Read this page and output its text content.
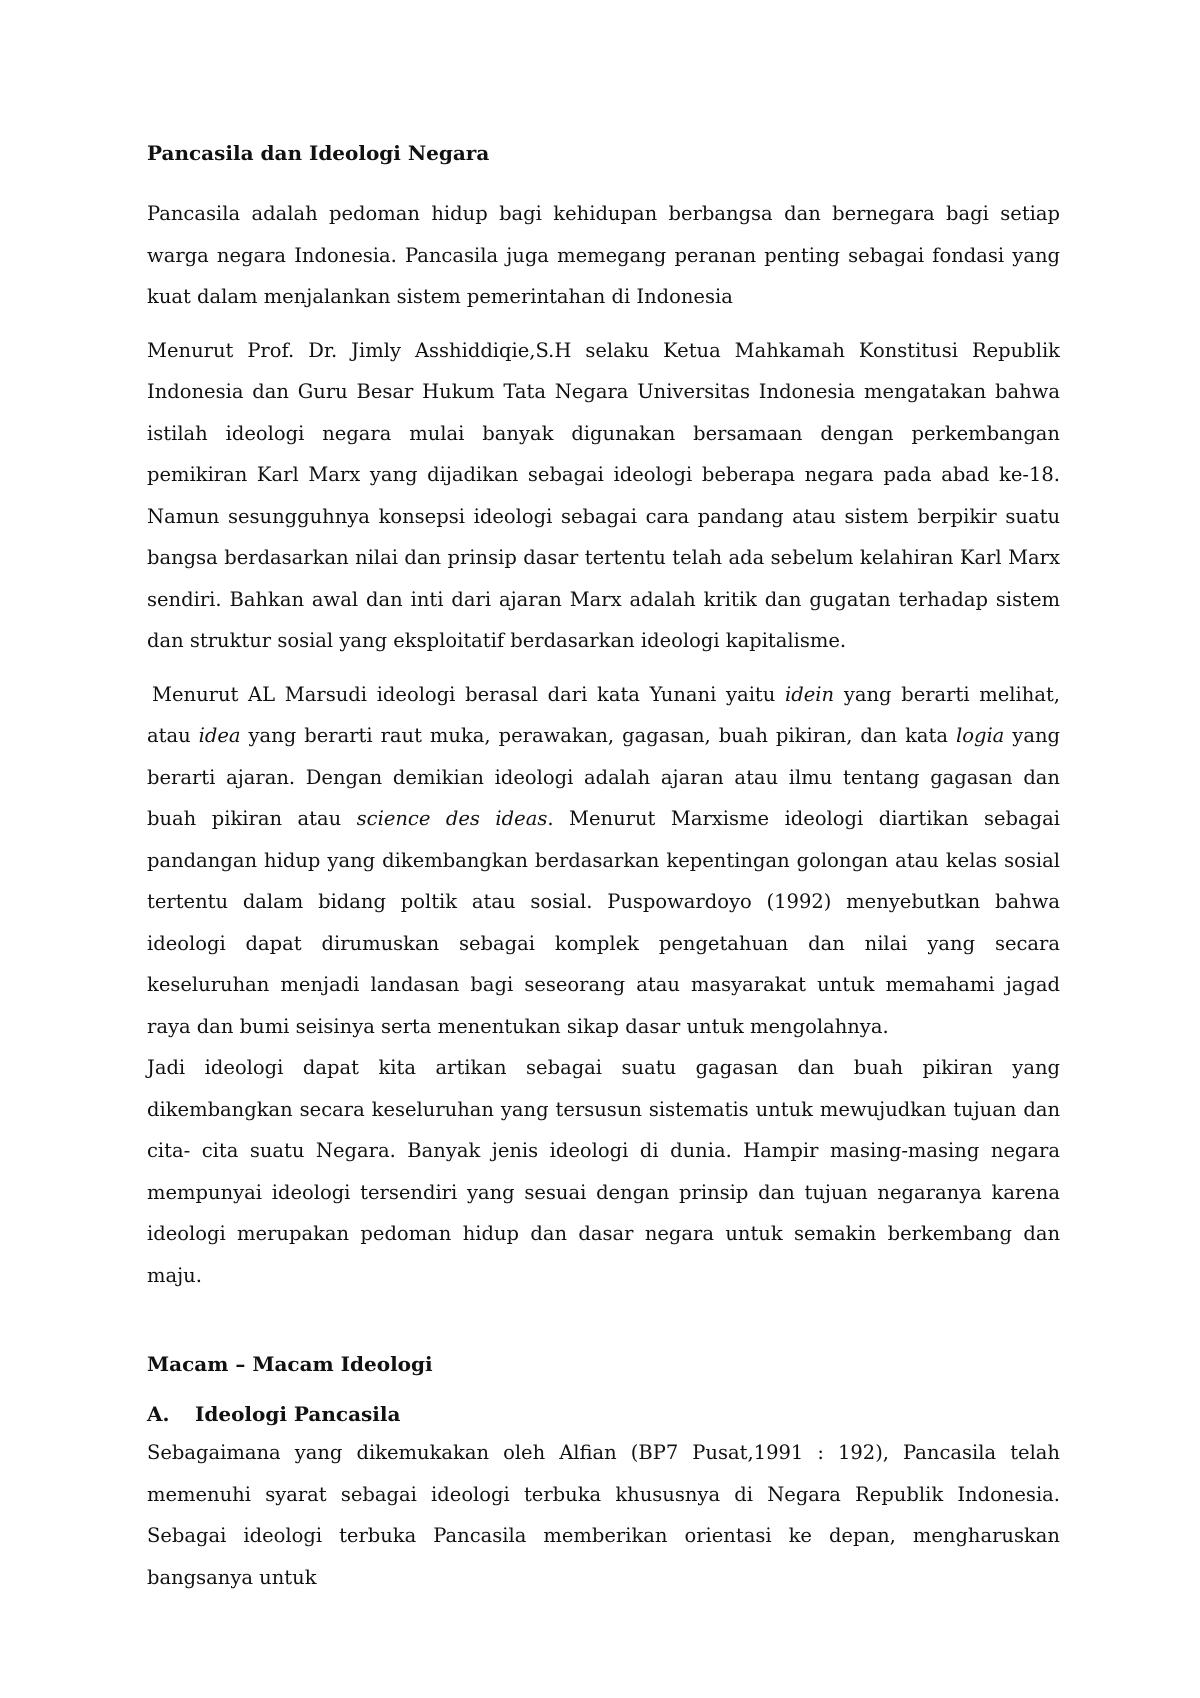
Pancasila dan Ideologi Negara

Pancasila adalah pedoman hidup bagi kehidupan berbangsa dan bernegara bagi setiap warga negara Indonesia. Pancasila juga memegang peranan penting sebagai fondasi yang kuat dalam menjalankan sistem pemerintahan di Indonesia

Menurut Prof. Dr. Jimly Asshiddiqie,S.H selaku Ketua Mahkamah Konstitusi Republik Indonesia dan Guru Besar Hukum Tata Negara Universitas Indonesia mengatakan bahwa istilah ideologi negara mulai banyak digunakan bersamaan dengan perkembangan pemikiran Karl Marx yang dijadikan sebagai ideologi beberapa negara pada abad ke-18. Namun sesungguhnya konsepsi ideologi sebagai cara pandang atau sistem berpikir suatu bangsa berdasarkan nilai dan prinsip dasar tertentu telah ada sebelum kelahiran Karl Marx sendiri. Bahkan awal dan inti dari ajaran Marx adalah kritik dan gugatan terhadap sistem dan struktur sosial yang eksploitatif berdasarkan ideologi kapitalisme.

Menurut AL Marsudi ideologi berasal dari kata Yunani yaitu idein yang berarti melihat, atau idea yang berarti raut muka, perawakan, gagasan, buah pikiran, dan kata logia yang berarti ajaran. Dengan demikian ideologi adalah ajaran atau ilmu tentang gagasan dan buah pikiran atau science des ideas. Menurut Marxisme ideologi diartikan sebagai pandangan hidup yang dikembangkan berdasarkan kepentingan golongan atau kelas sosial tertentu dalam bidang poltik atau sosial. Puspowardoyo (1992) menyebutkan bahwa ideologi dapat dirumuskan sebagai komplek pengetahuan dan nilai yang secara keseluruhan menjadi landasan bagi seseorang atau masyarakat untuk memahami jagad raya dan bumi seisinya serta menentukan sikap dasar untuk mengolahnya.

Jadi ideologi dapat kita artikan sebagai suatu gagasan dan buah pikiran yang dikembangkan secara keseluruhan yang tersusun sistematis untuk mewujudkan tujuan dan cita- cita suatu Negara. Banyak jenis ideologi di dunia. Hampir masing-masing negara mempunyai ideologi tersendiri yang sesuai dengan prinsip dan tujuan negaranya karena ideologi merupakan pedoman hidup dan dasar negara untuk semakin berkembang dan maju.

Macam – Macam Ideologi
A.	Ideologi Pancasila

Sebagaimana yang dikemukakan oleh Alfian (BP7 Pusat,1991 : 192), Pancasila telah memenuhi syarat sebagai ideologi terbuka khususnya di Negara Republik Indonesia. Sebagai ideologi terbuka Pancasila memberikan orientasi ke depan, mengharuskan bangsanya untuk
